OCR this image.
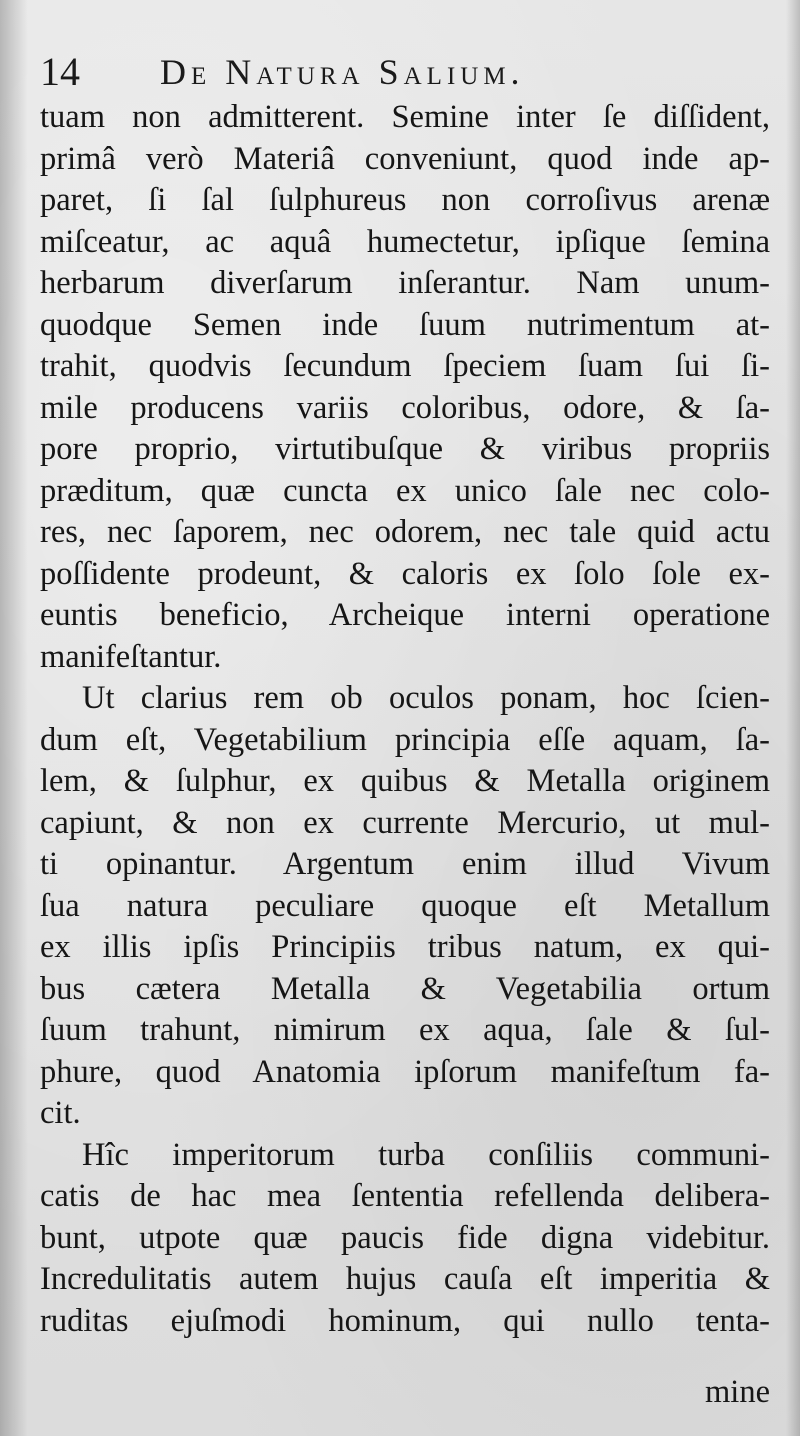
14 De Natura Salium.
tuam non admitterent. Semine inter ſe diſſident,
primâ verò Materiâ conveniunt, quod inde ap-
paret, ſi ſal ſulphureus non corroſivus arenæ
miſceatur, ac aquâ humectetur, ipſique ſemina
herbarum diverſarum inſerantur. Nam unum-
quodque Semen inde ſuum nutrimentum at-
trahit, quodvis ſecundum ſpeciem ſuam ſui ſi-
mile producens variis coloribus, odore, & ſa-
pore proprio, virtutibuſque & viribus propriis
præditum, quæ cuncta ex unico ſale nec colo-
res, nec ſaporem, nec odorem, nec tale quid actu
poſſidente prodeunt, & caloris ex ſolo ſole ex-
euntis beneficio, Archeique interni operatione
manifeſtantur.
Ut clarius rem ob oculos ponam, hoc ſcien-
dum eſt, Vegetabilium principia eſſe aquam, ſa-
lem, & ſulphur, ex quibus & Metalla originem
capiunt, & non ex currente Mercurio, ut mul-
ti opinantur. Argentum enim illud Vivum
ſua natura peculiare quoque eſt Metallum
ex illis ipſis Principiis tribus natum, ex qui-
bus cætera Metalla & Vegetabilia ortum
ſuum trahunt, nimirum ex aqua, ſale & ſul-
phure, quod Anatomia ipſorum manifeſtum fa-
cit.
Hîc imperitorum turba conſiliis communi-
catis de hac mea ſententia refellenda delibera-
bunt, utpote quæ paucis fide digna videbitur.
Incredulitatis autem hujus cauſa eſt imperitia &
ruditas ejuſmodi hominum, qui nullo tenta-
mine
